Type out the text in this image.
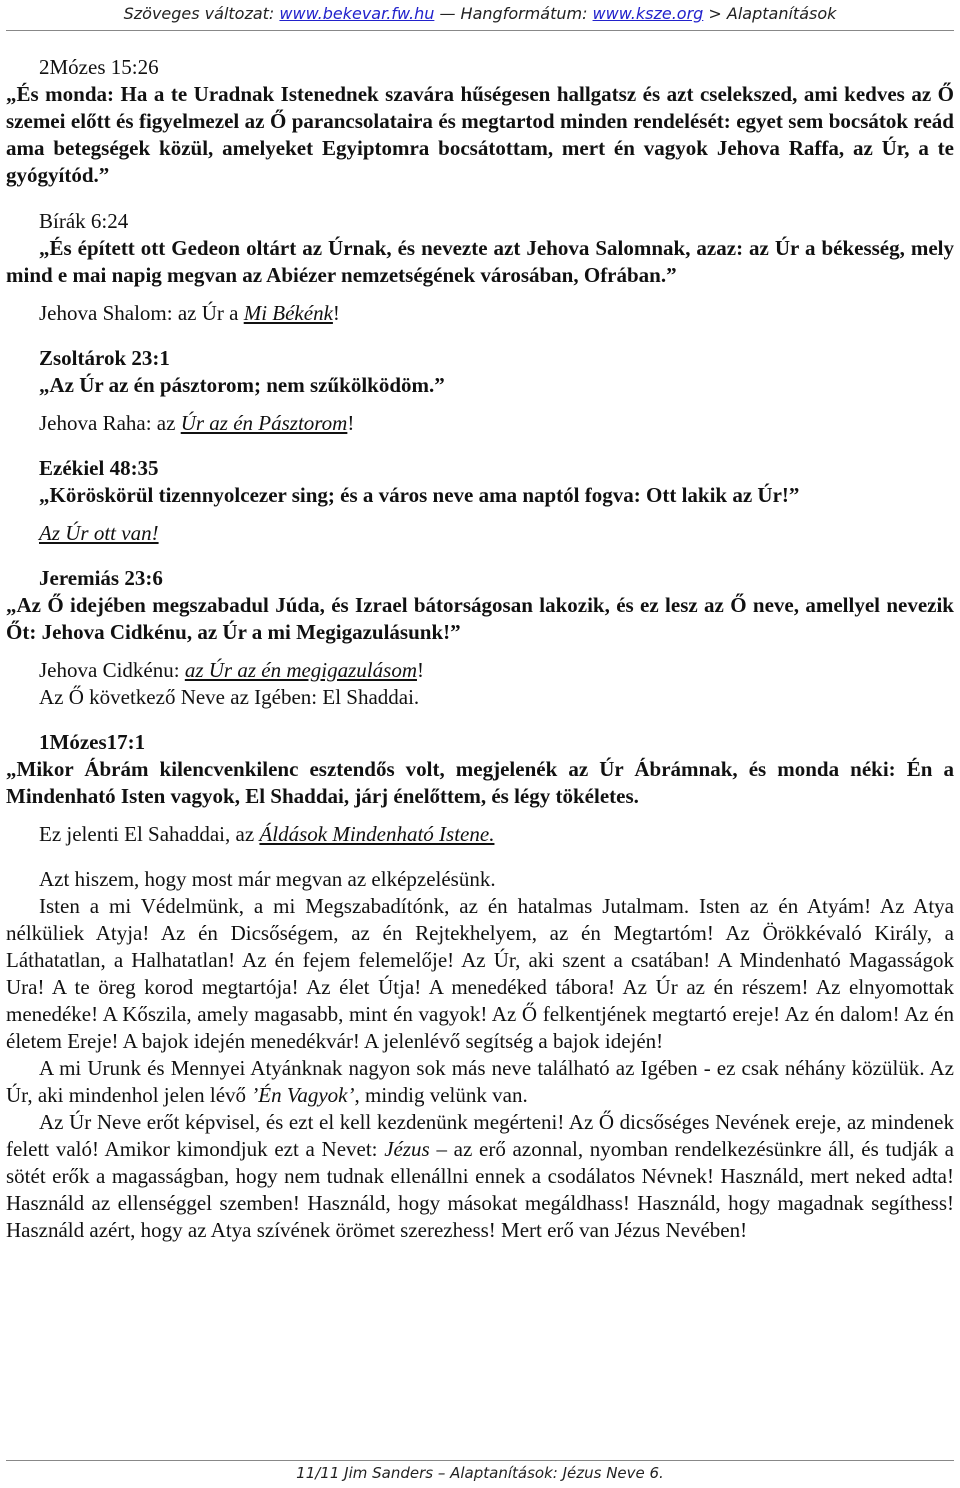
Szöveges változat: www.bekevar.fw.hu — Hangformátum: www.ksze.org > Alaptanítások

2Mózes 15:26

„És monda: Ha a te Uradnak Istenednek szavára hűségesen hallgatsz és azt cselekszed, ami kedves az Ő szemei előtt és figyelmezel az Ő parancsolataira és megtartod minden rendelését: egyet sem bocsátok reád ama betegségek közül, amelyeket Egyiptomra bocsátottam, mert én vagyok Jehova Raffa, az Úr, a te gyógyítód.”

Bírák 6:24

„És épített ott Gedeon oltárt az Úrnak, és nevezte azt Jehova Salomnak, azaz: az Úr a békesség, mely mind e mai napig megvan az Abiézer nemzetségének városában, Ofrában.”

Jehova Shalom: az Úr a Mi Békénk!

Zsoltárok 23:1

„Az Úr az én pásztorom; nem szűkölködöm.”

Jehova Raha: az Úr az én Pásztorom!

Ezékiel 48:35

„Köröskörül tizennyolcezer sing; és a város neve ama naptól fogva: Ott lakik az Úr!”

Az Úr ott van!

Jeremiás 23:6

„Az Ő idejében megszabadul Júda, és Izrael bátorságosan lakozik, és ez lesz az Ő neve, amellyel nevezik Őt: Jehova Cidkénu, az Úr a mi Megigazulásunk!”

Jehova Cidkénu: az Úr az én megigazulásom!

Az Ő következő Neve az Igében: El Shaddai.

1Mózes17:1

„Mikor Ábrám kilencvenkilenc esztendős volt, megjelenék az Úr Ábrámnak, és monda néki: Én a Mindenható Isten vagyok, El Shaddai, járj énelőttem, és légy tökéletes.

Ez jelenti El Sahaddai, az Áldások Mindenható Istene.

Azt hiszem, hogy most már megvan az elképzelésünk.

Isten a mi Védelmünk, a mi Megszabadítónk, az én hatalmas Jutalmam. Isten az én Atyám! Az Atya nélküliek Atyja! Az én Dicsőségem, az én Rejtekhelyem, az én Megtartóm! Az Örökkévaló Király, a Láthatatlan, a Halhatatlan! Az én fejem felemelője! Az Úr, aki szent a csatában! A Mindenható Magasságok Ura! A te öreg korod megtartója! Az élet Útja! A menedéked tábora! Az Úr az én részem! Az elnyomottak menedéke! A Kőszila, amely magasabb, mint én vagyok! Az Ő felkentjének megtartó ereje! Az én dalom! Az én életem Ereje! A bajok idején menedékvár! A jelenlévő segítség a bajok idején!

A mi Urunk és Mennyei Atyánknak nagyon sok más neve található az Igében - ez csak néhány közülük. Az Úr, aki mindenhol jelen lévő ’Én Vagyok’, mindig velünk van.

Az Úr Neve erőt képvisel, és ezt el kell kezdenünk megérteni! Az Ő dicsőséges Nevének ereje, az mindenek felett való! Amikor kimondjuk ezt a Nevet: Jézus – az erő azonnal, nyomban rendelkezésünkre áll, és tudják a sötét erők a magasságban, hogy nem tudnak ellenállni ennek a csodálatos Névnek! Használd, mert neked adta! Használd az ellenséggel szemben! Használd, hogy másokat megáldhass! Használd, hogy magadnak segíthess! Használd azért, hogy az Atya szívének örömet szerezhess! Mert erő van Jézus Nevében!

11/11 Jim Sanders – Alaptanítások: Jézus Neve 6.
